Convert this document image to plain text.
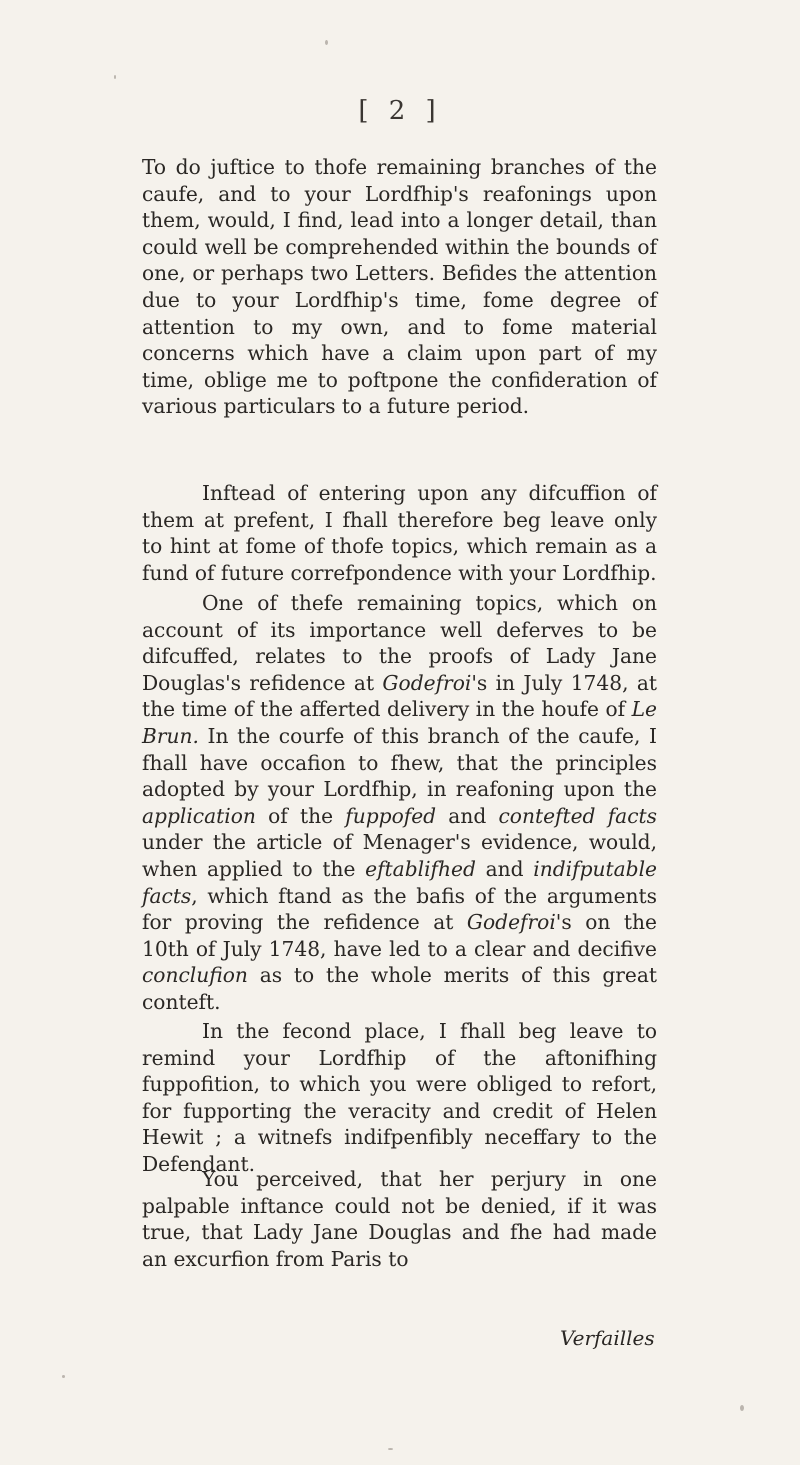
[ 2 ]

To do juftice to thofe remaining branches of the caufe, and to your Lordfhip's reafonings upon them, would, I find, lead into a longer detail, than could well be comprehended within the bounds of one, or perhaps two Letters. Befides the attention due to your Lordfhip's time, fome degree of attention to my own, and to fome material concerns which have a claim upon part of my time, oblige me to poftpone the confideration of various particulars to a future period.

Inftead of entering upon any difcuffion of them at prefent, I fhall therefore beg leave only to hint at fome of thofe topics, which remain as a fund of future correfpondence with your Lordfhip.

One of thefe remaining topics, which on account of its importance well deferves to be difcuffed, relates to the proofs of Lady Jane Douglas's refidence at Godefroi's in July 1748, at the time of the afferted delivery in the houfe of Le Brun. In the courfe of this branch of the caufe, I fhall have occafion to fhew, that the principles adopted by your Lordfhip, in reafoning upon the application of the fuppofed and contefted facts under the article of Menager's evidence, would, when applied to the eftablifhed and indifputable facts, which ftand as the bafis of the arguments for proving the refidence at Godefroi's on the 10th of July 1748, have led to a clear and decifive conclufion as to the whole merits of this great conteft.

In the fecond place, I fhall beg leave to remind your Lordfhip of the aftonifhing fuppofition, to which you were obliged to refort, for fupporting the veracity and credit of Helen Hewit ; a witnefs indifpenfibly neceffary to the Defendant.

You perceived, that her perjury in one palpable inftance could not be denied, if it was true, that Lady Jane Douglas and fhe had made an excurfion from Paris to

Verfailles
